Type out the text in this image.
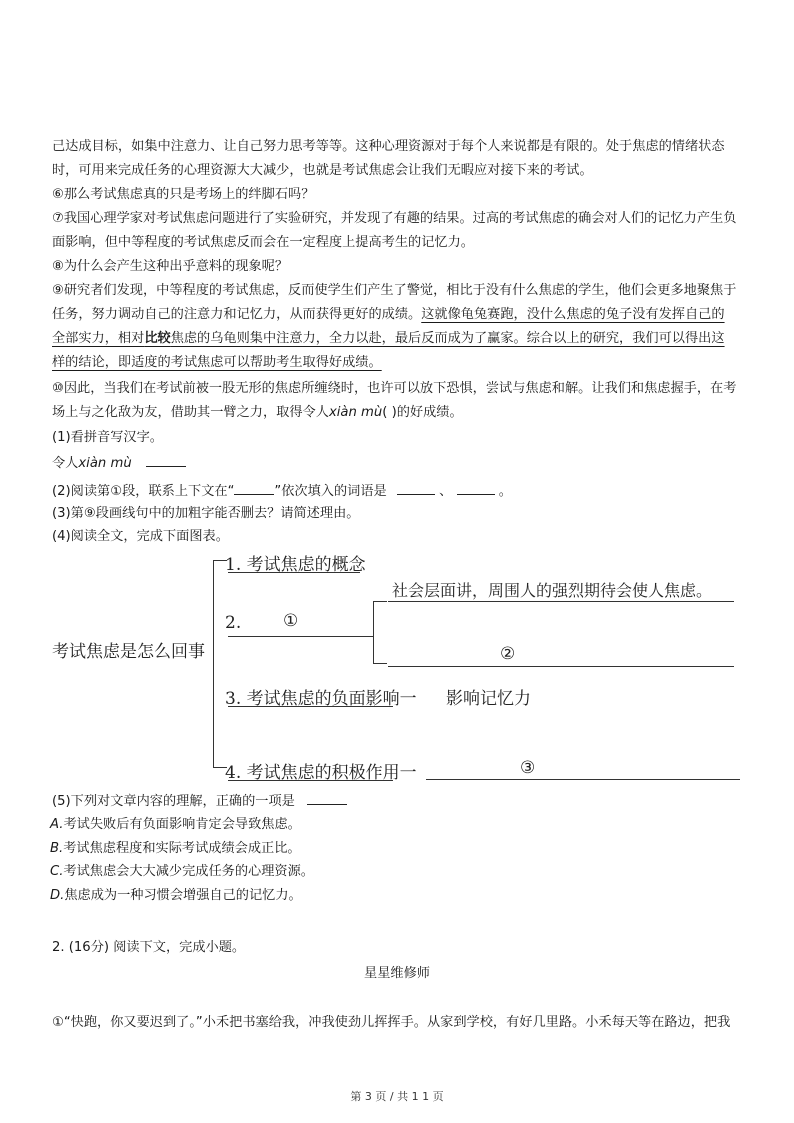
己达成目标，如集中注意力、让自己努力思考等等。这种心理资源对于每个人来说都是有限的。处于焦虑的情绪状态
时，可用来完成任务的心理资源大大减少，也就是考试焦虑会让我们无暇应对接下来的考试。
⑥那么考试焦虑真的只是考场上的绊脚石吗？
⑦我国心理学家对考试焦虑问题进行了实验研究，并发现了有趣的结果。过高的考试焦虑的确会对人们的记忆力产生负
面影响，但中等程度的考试焦虑反而会在一定程度上提高考生的记忆力。
⑧为什么会产生这种出乎意料的现象呢？
⑨研究者们发现，中等程度的考试焦虑，反而使学生们产生了警觉，相比于没有什么焦虑的学生，他们会更多地聚焦于
任务，努力调动自己的注意力和记忆力，从而获得更好的成绩。这就像龟兔赛跑，没什么焦虑的兔子没有发挥自己的
全部实力，相对比较焦虑的乌龟则集中注意力，全力以赴，最后反而成为了赢家。综合以上的研究，我们可以得出这
样的结论，即适度的考试焦虑可以帮助考生取得好成绩。
⑩因此，当我们在考试前被一股无形的焦虑所缠绕时，也许可以放下恐惧，尝试与焦虑和解。让我们和焦虑握手，在考
场上与之化敌为友，借助其一臂之力，取得令人xiàn mù( )的好成绩。
(1)看拼音写汉字。
令人xiàn mù
(2)阅读第①段，联系上下文在“	”依次填入的词语是	、	。
(3)第⑨段画线句中的加粗字能否删去？请简述理由。
(4)阅读全文，完成下面图表。
考试焦虑是怎么回事
1. 考试焦虑的概念
2. ①
社会层面讲，周围人的强烈期待会使人焦虑。
②
3. 考试焦虑的负面影响一 影响记忆力
4. 考试焦虑的积极作用一	③
(5)下列对文章内容的理解，正确的一项是
A.考试失败后有负面影响肯定会导致焦虑。
B.考试焦虑程度和实际考试成绩会成正比。
C.考试焦虑会大大减少完成任务的心理资源。
D.焦虑成为一种习惯会增强自己的记忆力。
2. (16分) 阅读下文，完成小题。
星星维修师
①“快跑，你又要迟到了。”小禾把书塞给我，冲我使劲儿挥挥手。从家到学校，有好几里路。小禾每天等在路边，把我
第 3 页 / 共 1 1 页
